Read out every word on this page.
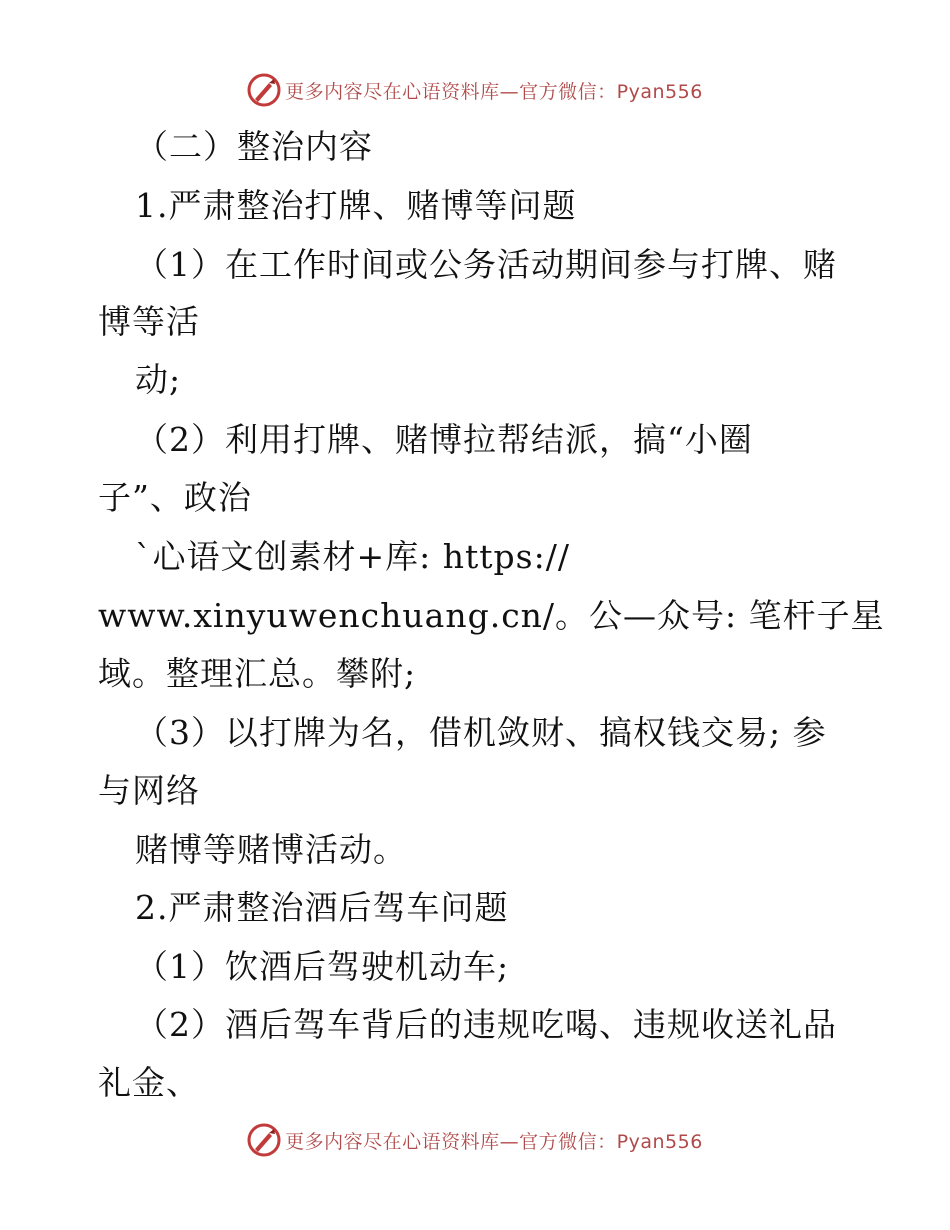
更多内容尽在心语资料库—官方微信：Pyan556
（二）整治内容
1.严肃整治打牌、赌博等问题
（1）在工作时间或公务活动期间参与打牌、赌
博等活
动;
（2）利用打牌、赌博拉帮结派，搞“小圈
子”、政治
`心语文创素材+库: https://
www.xinyuwenchuang.cn/。公—众号: 笔杆子星
域。整理汇总。攀附;
（3）以打牌为名，借机敛财、搞权钱交易; 参
与网络
赌博等赌博活动。
2.严肃整治酒后驾车问题
（1）饮酒后驾驶机动车;
（2）酒后驾车背后的违规吃喝、违规收送礼品
礼金、
更多内容尽在心语资料库—官方微信：Pyan556
